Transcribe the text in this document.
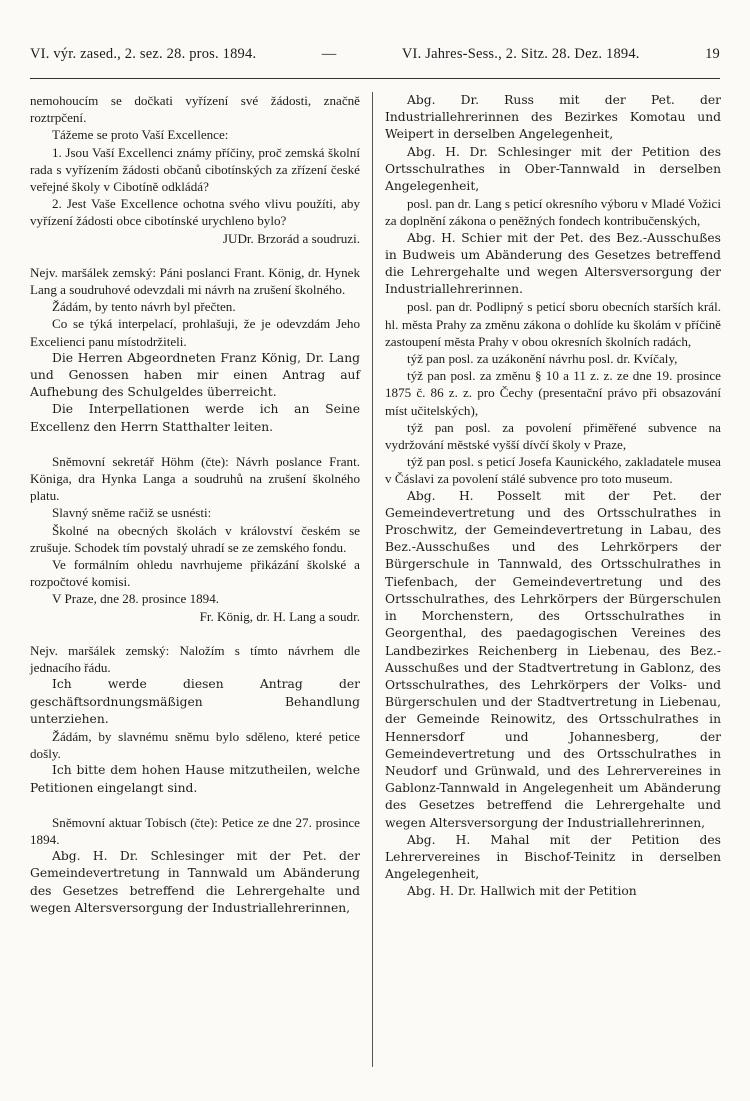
VI. výr. zased., 2. sez. 28. pros. 1894.	—	VI. Jahres-Sess., 2. Sitz. 28. Dez. 1894.	19

nemohoucím se dočkati vyřízení své žádosti, značně roztrpčení.

Tážeme se proto Vaší Excellence:

1. Jsou Vaší Excellenci známy příčiny, proč zemská školní rada s vyřízením žádosti občanů cibotínských za zřízení české veřejné školy v Cibotíně odkládá?

2. Jest Vaše Excellence ochotna svého vlivu použíti, aby vyřízení žádosti obce cibotínské urychleno bylo?

JUDr. Brzorád a soudruzi.

Nejv. maršálek zemský: Páni poslanci Frant. König, dr. Hynek Lang a soudruhové odevzdali mi návrh na zrušení školného.

Žádám, by tento návrh byl přečten.

Co se týká interpelací, prohlašuji, že je odevzdám Jeho Excelienci panu místodržiteli.

Die Herren Abgeordneten Franz König, Dr. Lang und Genossen haben mir einen Antrag auf Aufhebung des Schulgeldes überreicht.

Die Interpellationen werde ich an Seine Excellenz den Herrn Statthalter leiten.

Sněmovní sekretář Höhm (čte): Návrh poslance Frant. Königa, dra Hynka Langa a soudruhů na zrušení školného platu.

Slavný sněme račiž se usnésti:

Školné na obecných školách v království českém se zrušuje. Schodek tím povstalý uhradí se ze zemského fondu.

Ve formálním ohledu navrhujeme přikázání školské a rozpočtové komisi.

V Praze, dne 28. prosince 1894.

Fr. König, dr. H. Lang a soudr.

Nejv. maršálek zemský: Naložím s tímto návrhem dle jednacího řádu.

Ich werde diesen Antrag der geschäftsordnungsmäßigen Behandlung unterziehen.

Žádám, by slavnému sněmu bylo sděleno, které petice došly.

Ich bitte dem hohen Hause mitzutheilen, welche Petitionen eingelangt sind.

Sněmovní aktuar Tobisch (čte): Petice ze dne 27. prosince 1894.

Abg. H. Dr. Schlesinger mit der Pet. der Gemeindevertretung in Tannwald um Abänderung des Gesetzes betreffend die Lehrergehalte und wegen Altersversorgung der Industriallehrerinnen,

Abg. Dr. Russ mit der Pet. der Industriallehrerinnen des Bezirkes Komotau und Weipert in derselben Angelegenheit,

Abg. H. Dr. Schlesinger mit der Petition des Ortsschulrathes in Ober-Tannwald in derselben Angelegenheit,

posl. pan dr. Lang s peticí okresního výboru v Mladé Vožici za doplnění zákona o peněžných fondech kontribučenských,

Abg. H. Schier mit der Pet. des Bez.-Ausschußes in Budweis um Abänderung des Gesetzes betreffend die Lehrergehalte und wegen Altersversorgung der Industriallehrerinnen.

posl. pan dr. Podlipný s peticí sboru obecních starších král. hl. města Prahy za změnu zákona o dohlíde ku školám v příčině zastoupení města Prahy v obou okresních školních radách,

týž pan posl. za uzákonění návrhu posl. dr. Kvíčaly,

týž pan posl. za změnu § 10 a 11 z. z. ze dne 19. prosince 1875 č. 86 z. z. pro Čechy (presentační právo při obsazování míst učitelských),

týž pan posl. za povolení přiměřené subvence na vydržování městské vyšší dívčí školy v Praze,

týž pan posl. s peticí Josefa Kaunického, zakladatele musea v Čáslavi za povolení stálé subvence pro toto museum.

Abg. H. Posselt mit der Pet. der Gemeindevertretung und des Ortsschulrathes in Proschwitz, der Gemeindevertretung in Labau, des Bez.-Ausschußes und des Lehrkörpers der Bürgerschule in Tannwald, des Ortsschulrathes in Tiefenbach, der Gemeindevertretung und des Ortsschulrathes, des Lehrkörpers der Bürgerschulen in Morchenstern, des Ortsschulrathes in Georgenthal, des paedagogischen Vereines des Landbezirkes Reichenberg in Liebenau, des Bez.-Ausschußes und der Stadtvertretung in Gablonz, des Ortsschulrathes, des Lehrkörpers der Volks- und Bürgerschulen und der Stadtvertretung in Liebenau, der Gemeinde Reinowitz, des Ortsschulrathes in Hennersdorf und Johannesberg, der Gemeindevertretung und des Ortsschulrathes in Neudorf und Grünwald, und des Lehrervereines in Gablonz-Tannwald in Angelegenheit um Abänderung des Gesetzes betreffend die Lehrergehalte und wegen Altersversorgung der Industriallehrerinnen,

Abg. H. Mahal mit der Petition des Lehrervereines in Bischof-Teinitz in derselben Angelegenheit,

Abg. H. Dr. Hallwich mit der Petition
